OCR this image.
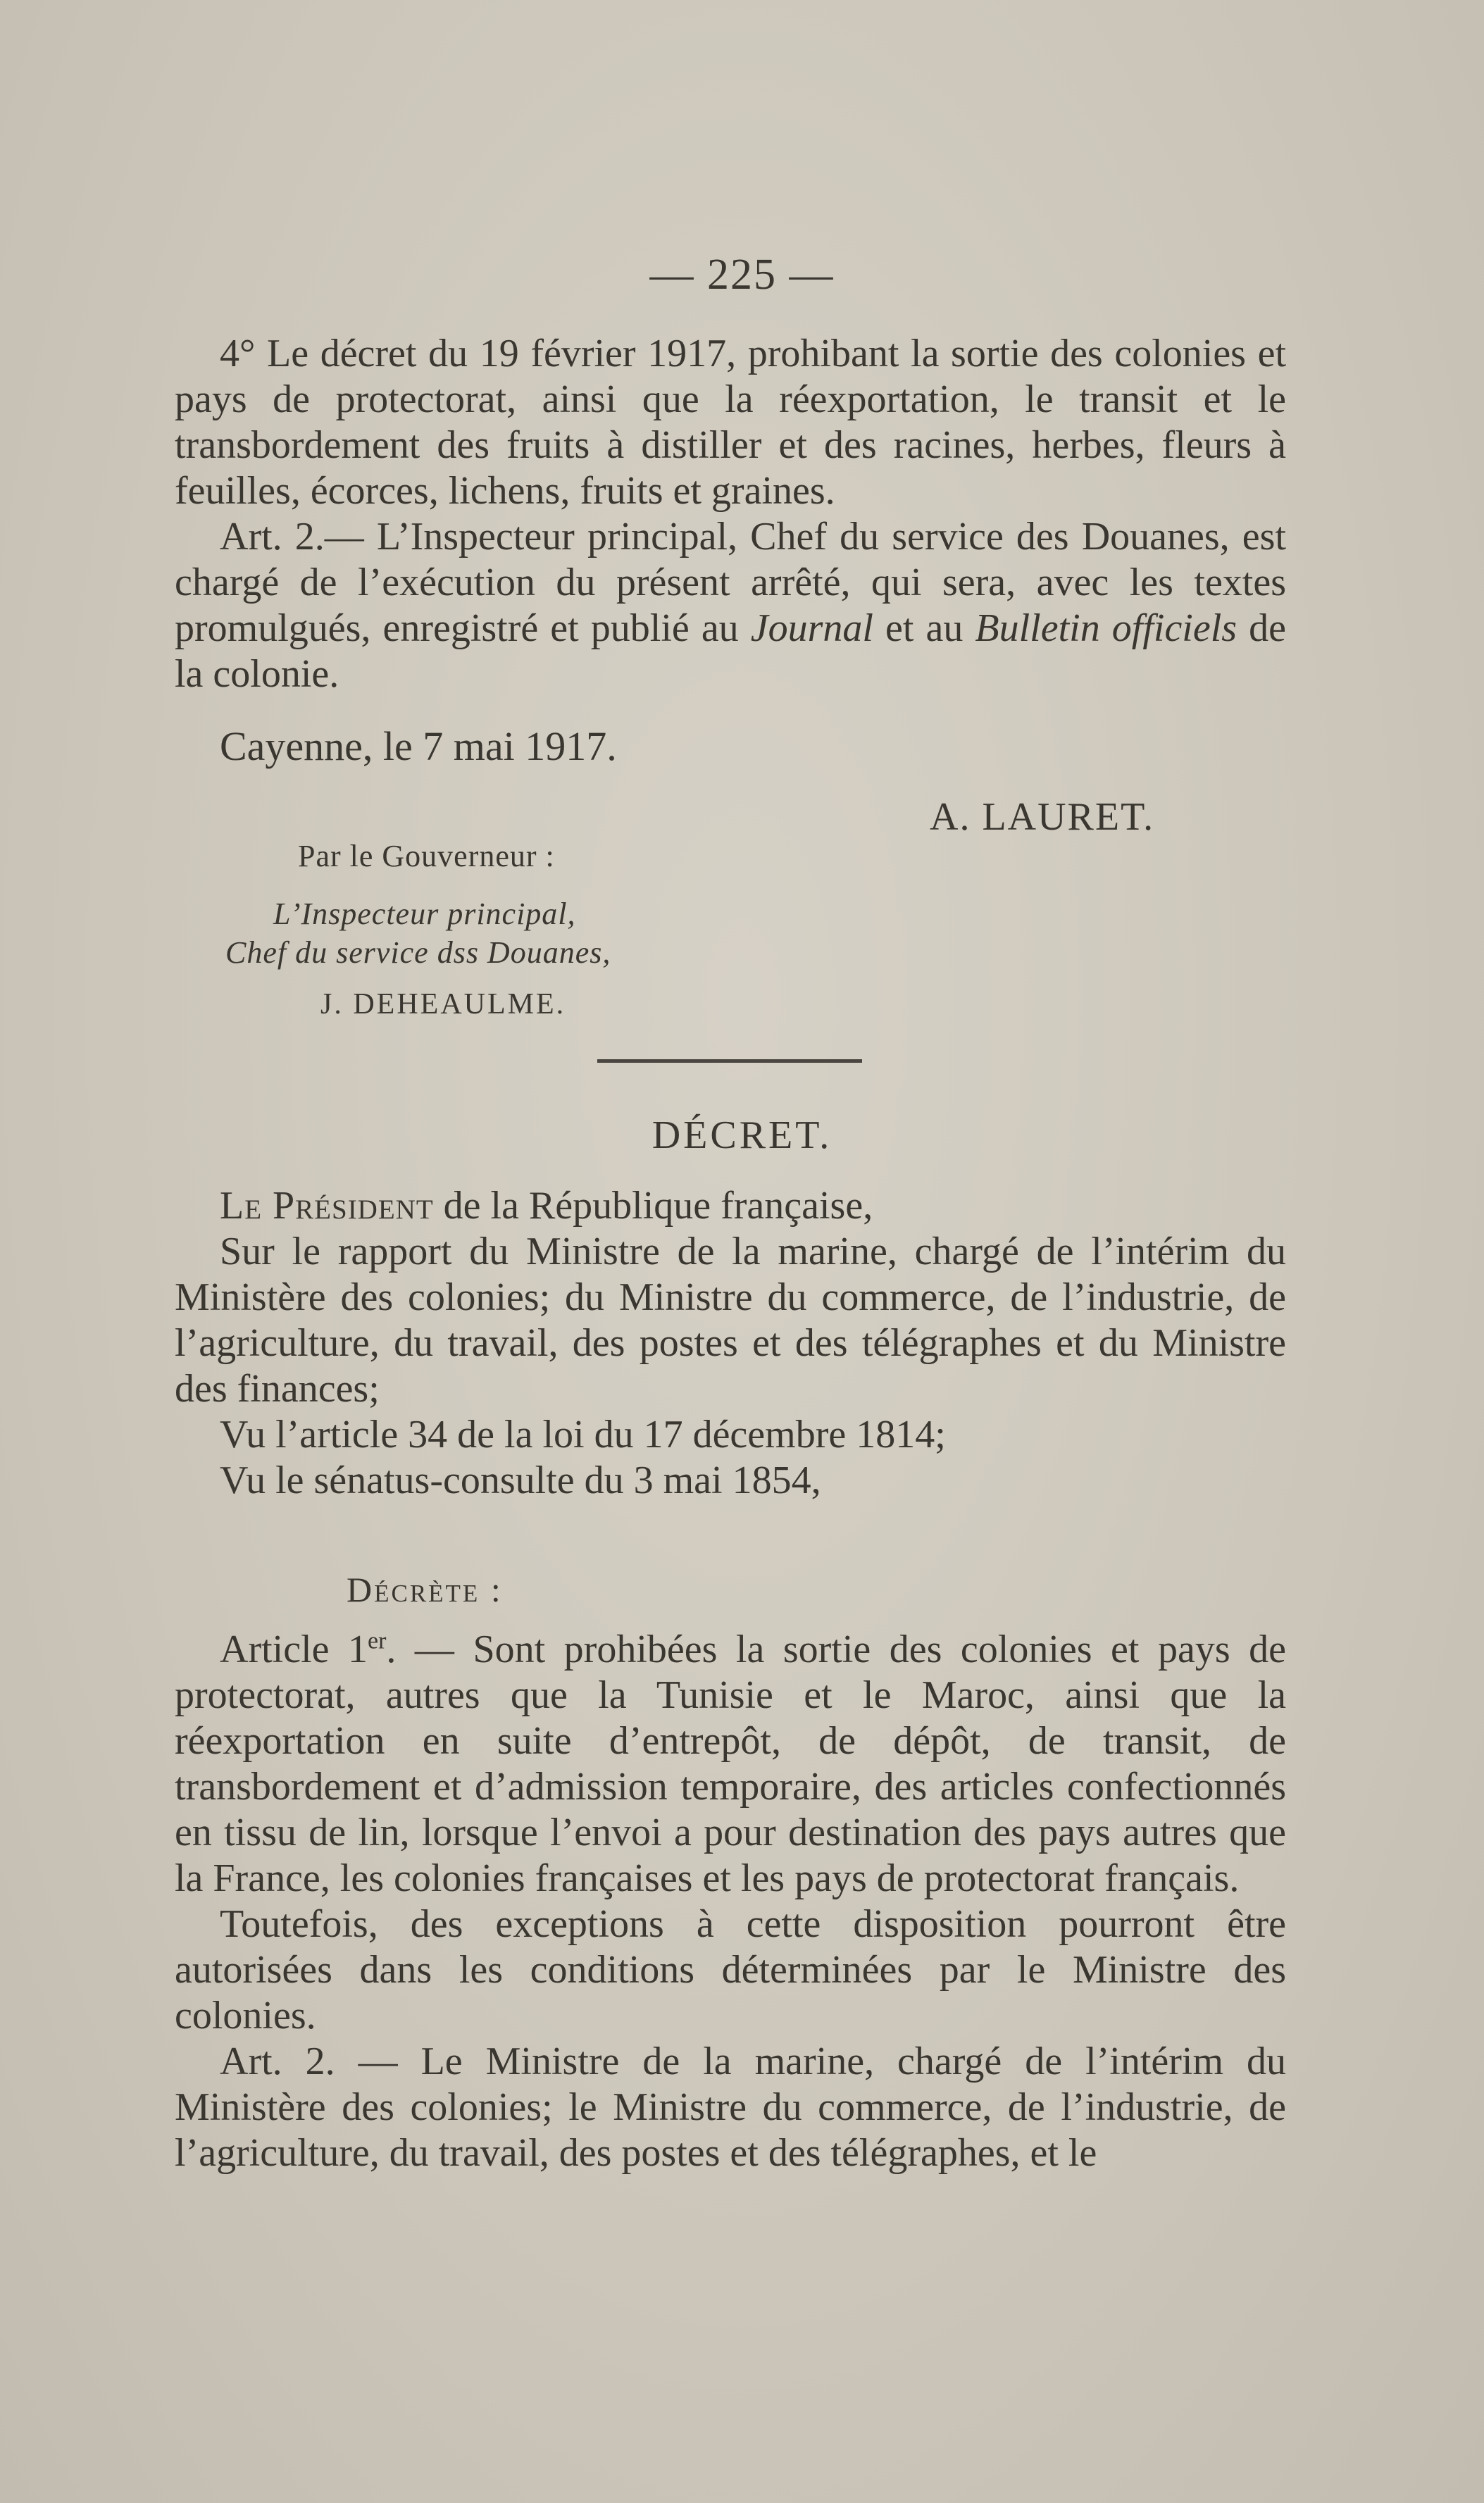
— 225 —

4° Le décret du 19 février 1917, prohibant la sortie des colonies et pays de protectorat, ainsi que la réexportation, le transit et le transbordement des fruits à distiller et des racines, herbes, fleurs à feuilles, écorces, lichens, fruits et graines.

Art. 2.— L’Inspecteur principal, Chef du service des Douanes, est chargé de l’exécution du présent arrêté, qui sera, avec les textes promulgués, enregistré et publié au Journal et au Bulletin officiels de la colonie.

Cayenne, le 7 mai 1917.
A. LAURET.
Par le Gouverneur :
L’Inspecteur principal,
Chef du service dss Douanes,
J. DEHEAULME.
DÉCRET.

Le Président de la République française,

Sur le rapport du Ministre de la marine, chargé de l’intérim du Ministère des colonies; du Ministre du commerce, de l’industrie, de l’agriculture, du travail, des postes et des télégraphes et du Ministre des finances;

Vu l’article 34 de la loi du 17 décembre 1814;

Vu le sénatus-consulte du 3 mai 1854,

Décrète :

Article 1er. — Sont prohibées la sortie des colonies et pays de protectorat, autres que la Tunisie et le Maroc, ainsi que la réexportation en suite d’entrepôt, de dépôt, de transit, de transbordement et d’admission temporaire, des articles confectionnés en tissu de lin, lorsque l’envoi a pour destination des pays autres que la France, les colonies françaises et les pays de protectorat français.

Toutefois, des exceptions à cette disposition pourront être autorisées dans les conditions déterminées par le Ministre des colonies.

Art. 2. — Le Ministre de la marine, chargé de l’intérim du Ministère des colonies; le Ministre du commerce, de l’industrie, de l’agriculture, du travail, des postes et des télégraphes, et le
